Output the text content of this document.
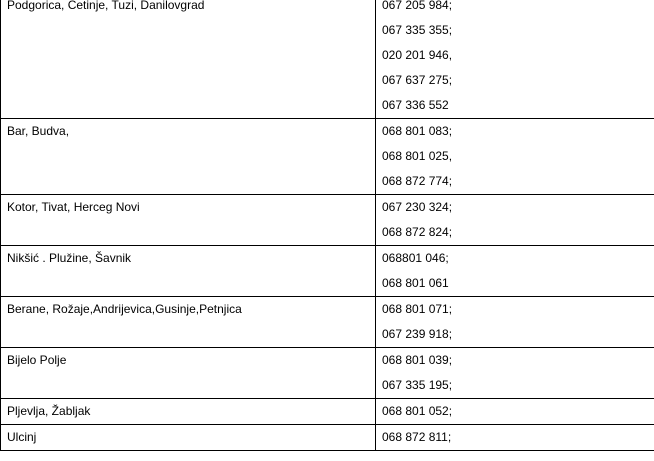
Podgorica, Cetinje, Tuzi, Danilovgrad	067 205 984;
067 335 355;
020 201 946,
067 637 275;
067 336 552

Bar, Budva,	068 801 083;
068 801 025,
068 872 774;

Kotor, Tivat, Herceg Novi	067 230 324;
068 872 824;

Nikšić . Plužine, Šavnik	068801 046;
068 801 061

Berane, Rožaje,Andrijevica,Gusinje,Petnjica	068 801 071;
067 239 918;

Bijelo Polje	068 801 039;
067 335 195;

Pljevlja, Žabljak	068 801 052;

Ulcinj	068 872 811;
